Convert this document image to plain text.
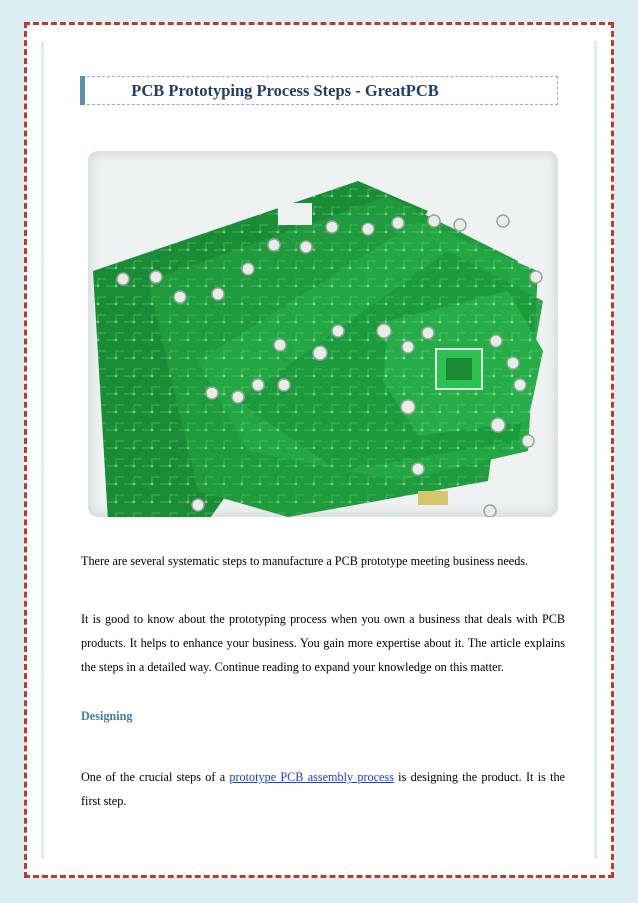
PCB Prototyping Process Steps - GreatPCB

There are several systematic steps to manufacture a PCB prototype meeting business needs.

It is good to know about the prototyping process when you own a business that deals with PCB products. It helps to enhance your business. You gain more expertise about it. The article explains the steps in a detailed way. Continue reading to expand your knowledge on this matter.

Designing

One of the crucial steps of a prototype PCB assembly process is designing the product. It is the first step.
